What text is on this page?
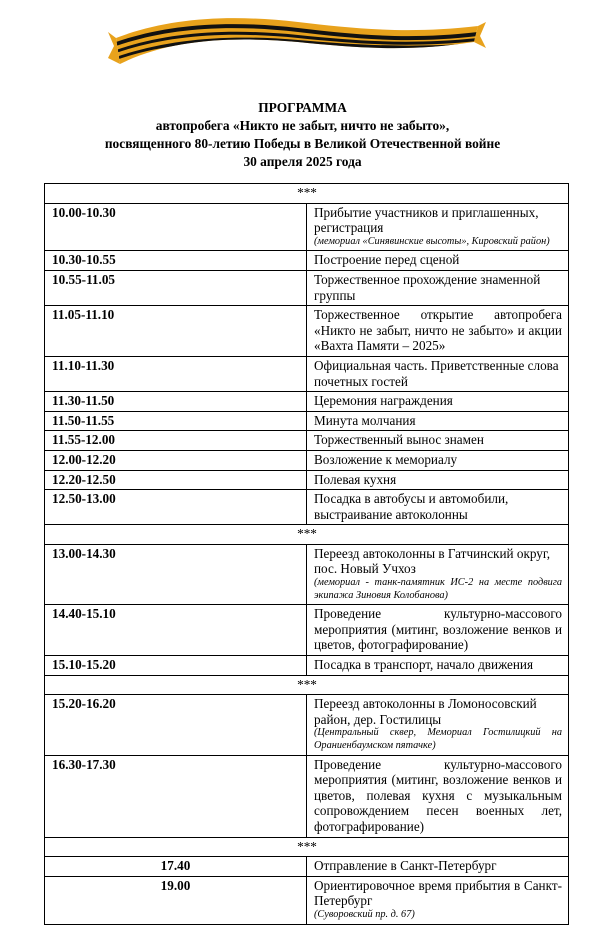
ПРОГРАММА
автопробега «Никто не забыт, ничто не забыто»,
посвященного 80-летию Победы в Великой Отечественной войне
30 апреля 2025 года
***	
10.00-10.30	Прибытие участников и приглашенных, регистрация
(мемориал «Синявинские высоты», Кировский район)

10.30-10.55	Построение перед сценой
10.55-11.05	Торжественное прохождение знаменной группы
11.05-11.10	Торжественное открытие автопробега «Никто не забыт, ничто не забыто» и акции «Вахта Памяти – 2025»

11.10-11.30	Официальная часть. Приветственные слова почетных гостей
11.30-11.50	Церемония награждения
11.50-11.55	Минута молчания
11.55-12.00	Торжественный вынос знамен
12.00-12.20	Возложение к мемориалу
12.20-12.50	Полевая кухня
12.50-13.00	Посадка в автобусы и автомобили, выстраивание автоколонны
***	
13.00-14.30	Переезд автоколонны в Гатчинский округ, пос. Новый Учхоз
(мемориал - танк-памятник ИС-2 на месте подвига экипажа Зиновия Колобанова)

14.40-15.10	Проведение культурно-массового мероприятия (митинг, возложение венков и цветов, фотографирование)

15.10-15.20	Посадка в транспорт, начало движения
***	
15.20-16.20	Переезд автоколонны в Ломоносовский район, дер. Гостилицы
(Центральный сквер, Мемориал Гостилицкий на Ораниенбаумском пятачке)

16.30-17.30	Проведение культурно-массового мероприятия (митинг, возложение венков и цветов, полевая кухня с музыкальным сопровождением песен военных лет, фотографирование)

***	
17.40	Отправление в Санкт-Петербург
19.00	Ориентировочное время прибытия в Санкт-Петербург
(Суворовский пр. д. 67)
